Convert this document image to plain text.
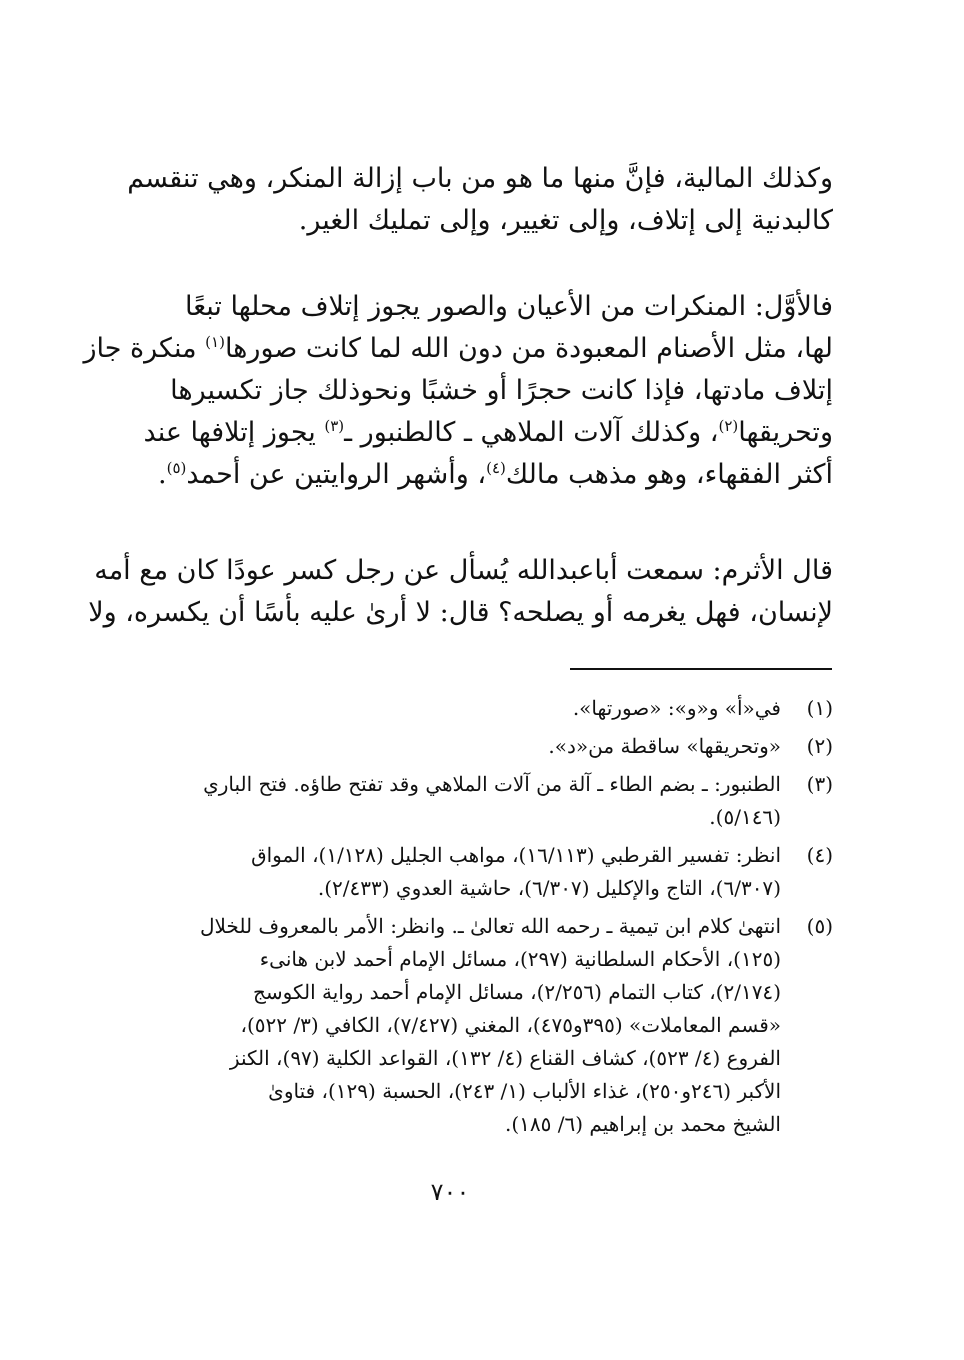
وكذلك المالية، فإنَّ منها ما هو من باب إزالة المنكر، وهي تنقسم
كالبدنية إلى إتلاف، وإلى تغيير، وإلى تمليك الغير.
فالأوَّل: المنكرات من الأعيان والصور يجوز إتلاف محلها تبعًا
لها، مثل الأصنام المعبودة من دون الله لما كانت صورها$^{(١)}$ منكرة جاز
إتلاف مادتها، فإذا كانت حجرًا أو خشبًا ونحوذلك جاز تكسيرها
وتحريقها$^{(٢)}$، وكذلك آلات الملاهي ـ كالطنبور ـ$^{(٣)}$ يجوز إتلافها عند
أكثر الفقهاء، وهو مذهب مالك$^{(٤)}$، وأشهر الروايتين عن أحمد$^{(٥)}$.
قال الأثرم: سمعت أباعبدالله يُسأل عن رجل كسر عودًا كان مع أمه
لإنسان، فهل يغرمه أو يصلحه؟ قال: لا أرىٰ عليه بأسًا أن يكسره، ولا
(١)
في«أ» و«و»: «صورتها».
(٢)
«وتحريقها» ساقطة من«د».
(٣)
الطنبور: ـ بضم الطاء ـ آلة من آلات الملاهي وقد تفتح طاؤه. فتح الباري
(٥/١٤٦).
(٤)
انظر: تفسير القرطبي (١٦/١١٣)، مواهب الجليل (١/١٢٨)، المواق
(٦/٣٠٧)، التاج والإكليل (٦/٣٠٧)، حاشية العدوي (٢/٤٣٣).
(٥)
انتهىٰ كلام ابن تيمية ـ رحمه الله تعالىٰ ـ. وانظر: الأمر بالمعروف للخلال
(١٢٥)، الأحكام السلطانية (٢٩٧)، مسائل الإمام أحمد لابن هانىء
(٢/١٧٤)، كتاب التمام (٢/٢٥٦)، مسائل الإمام أحمد رواية الكوسج
«قسم المعاملات» (٣٩٥و٤٧٥)، المغني (٧/٤٢٧)، الكافي (٣/ ٥٢٢)،
الفروع (٤/ ٥٢٣)، كشاف القناع (٤/ ١٣٢)، القواعد الكلية (٩٧)، الكنز
الأكبر (٢٤٦و٢٥٠)، غذاء الألباب (١/ ٢٤٣)، الحسبة (١٢٩)، فتاوىٰ
الشيخ محمد بن إبراهيم (٦/ ١٨٥).
٧٠٠
